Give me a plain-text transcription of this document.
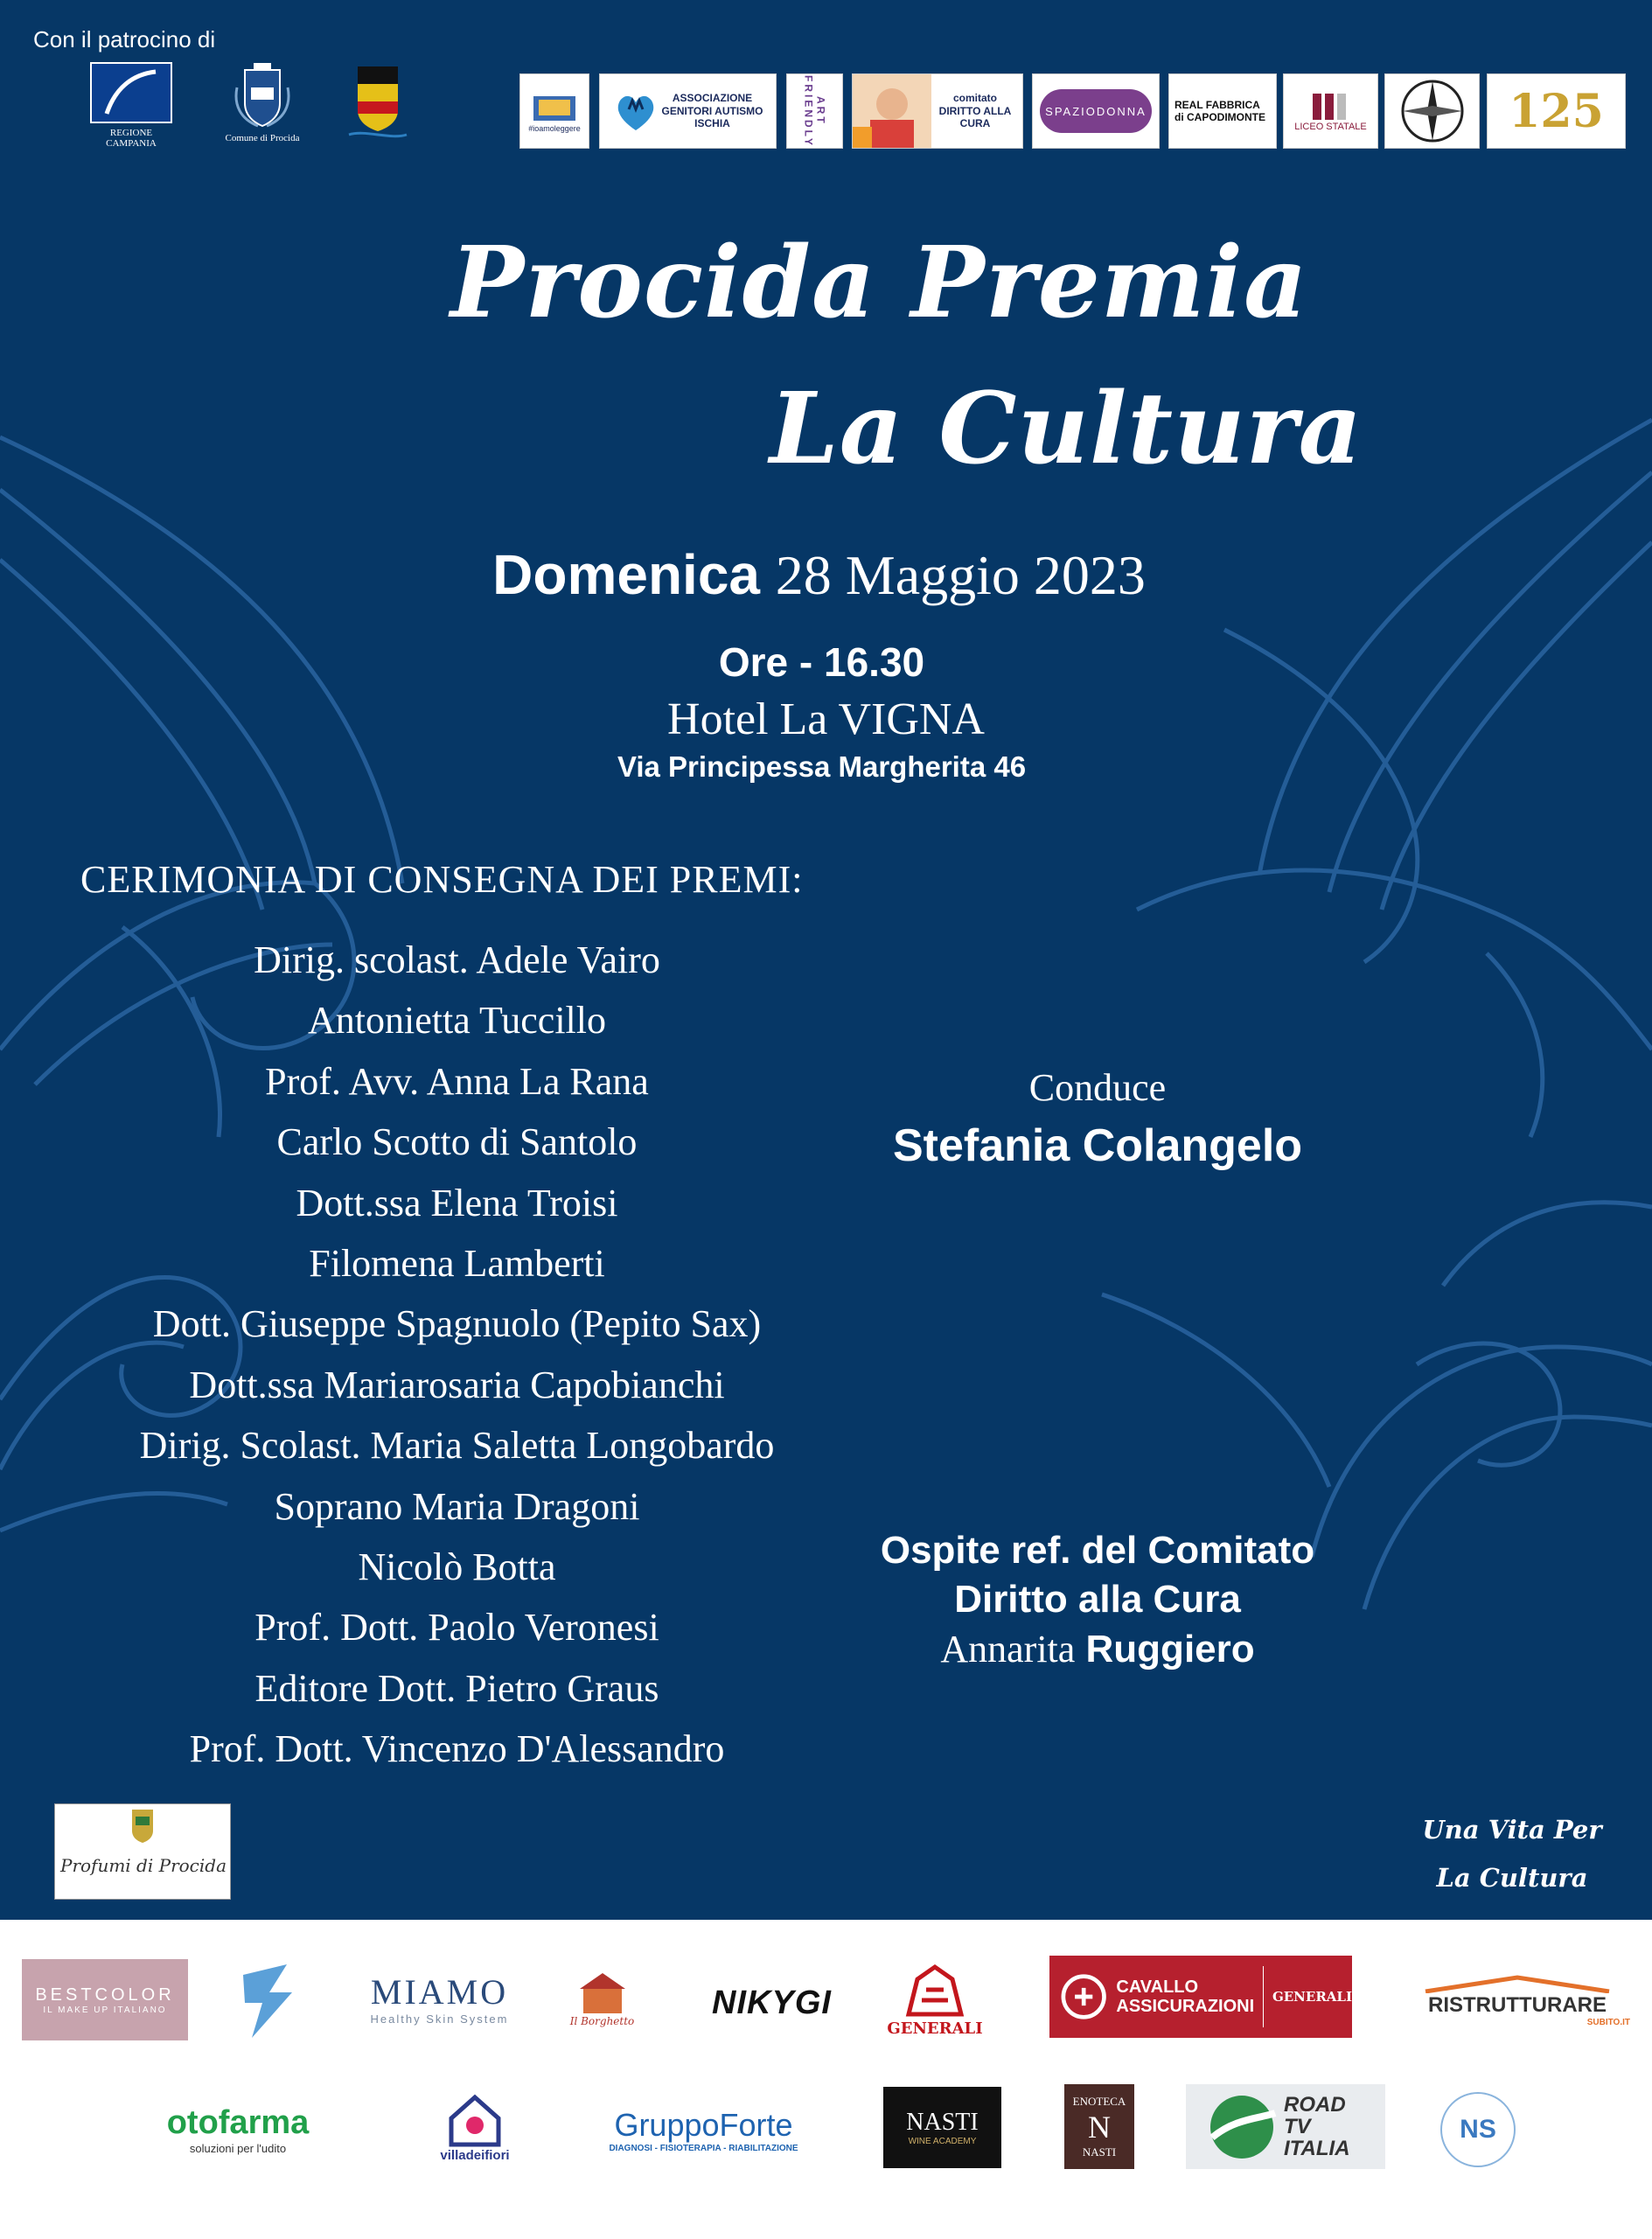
Con il patrocino di
REGIONE CAMPANIA
Comune di Procida
#ioamoleggere
ASSOCIAZIONE GENITORI AUTISMO ISCHIA	ART FRIENDLY	comitato DIRITTO ALLA CURA
SPAZIODONNA	REAL FABBRICA di CAPODIMONTE
LICEO STATALE	125
Procida Premia
La Cultura
Domenica 28 Maggio 2023
Ore - 16.30
Hotel La VIGNA
Via Principessa Margherita 46
CERIMONIA DI CONSEGNA DEI PREMI:
Dirig. scolast. Adele Vairo
Antonietta Tuccillo
Prof. Avv. Anna La Rana
Carlo Scotto di Santolo
Dott.ssa Elena Troisi
Filomena Lamberti
Dott. Giuseppe Spagnuolo (Pepito Sax)
Dott.ssa Mariarosaria Capobianchi
Dirig. Scolast. Maria Saletta Longobardo
Soprano Maria Dragoni
Nicolò Botta
Prof. Dott. Paolo Veronesi
Editore Dott. Pietro Graus
Prof. Dott. Vincenzo D'Alessandro
Conduce
Stefania Colangelo
Ospite ref. del Comitato
Diritto alla Cura
Annarita Ruggiero
Profumi di Procida
Una Vita Per
La Cultura
BESTCOLOR
IL MAKE UP ITALIANO	MIAMO
Healthy Skin System	Il Borghetto
NIKYGI
GENERALI
CAVALLO ASSICURAZIONI GENERALI	RISTRUTTURARE
SUBITO.IT
otofarma
soluzioni per l'udito	villadeifiori
GruppoForte
DIAGNOSI - FISIOTERAPIA - RIABILITAZIONE
NASTI
WINE ACADEMY
ENOTECA
N
NASTI
ROAD TV ITALIA
NS
